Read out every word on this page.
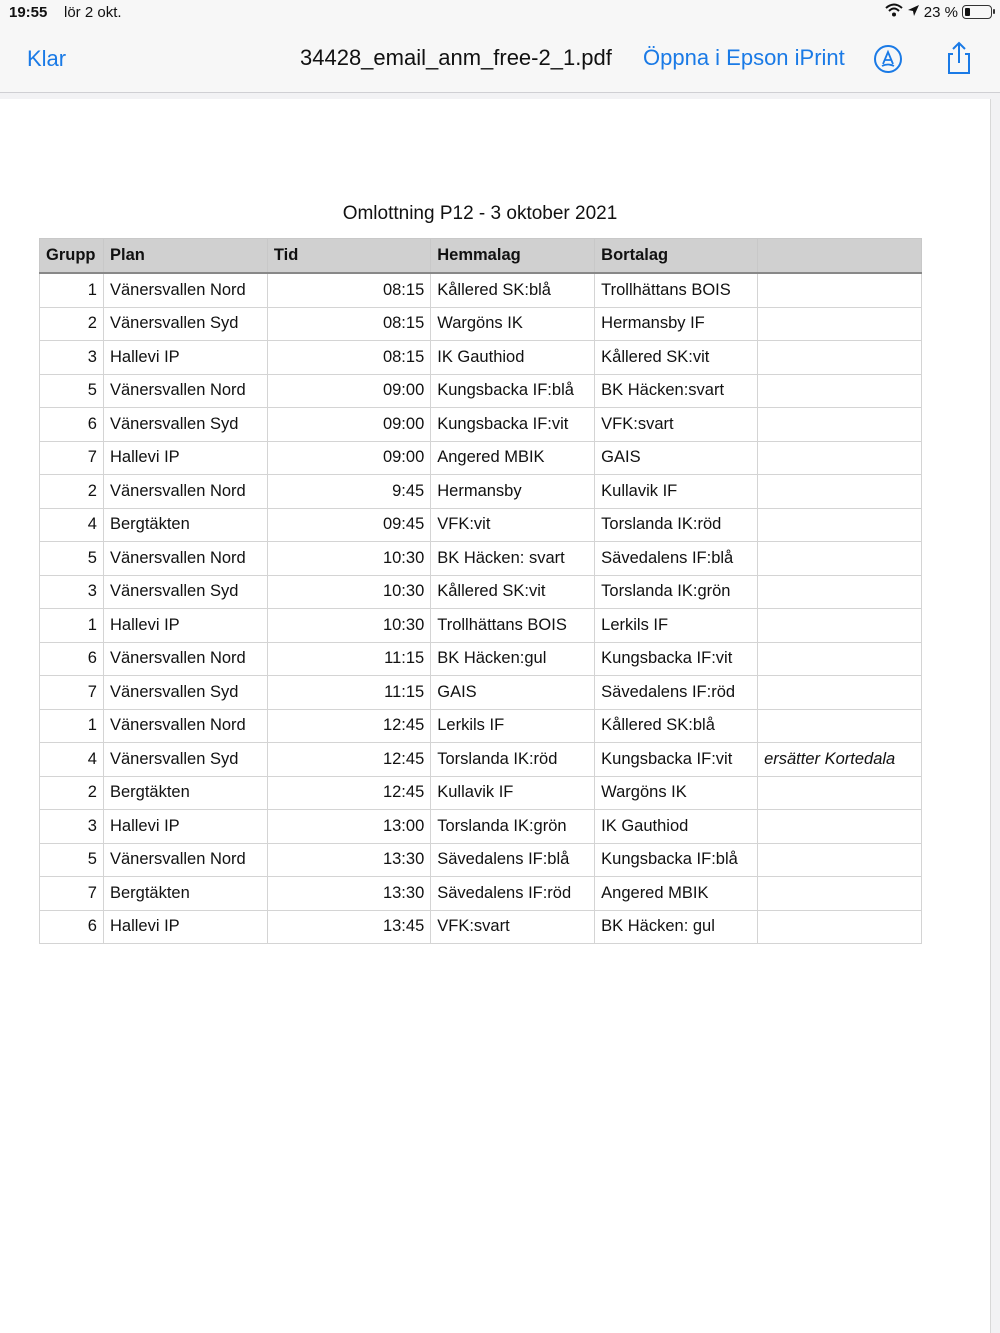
19:55 lör 2 okt.	23 %
Klar	34428_email_anm_free-2_1.pdf Öppna i Epson iPrint
Omlottning P12 - 3 oktober 2021
Grupp	Plan	Tid	Hemmalag	Bortalag	
1	Vänersvallen Nord	08:15	Kållered SK:blå	Trollhättans BOIS	
2	Vänersvallen Syd	08:15	Wargöns IK	Hermansby IF	
3	Hallevi IP	08:15	IK Gauthiod	Kållered SK:vit	
5	Vänersvallen Nord	09:00	Kungsbacka IF:blå	BK Häcken:svart	
6	Vänersvallen Syd	09:00	Kungsbacka IF:vit	VFK:svart	
7	Hallevi IP	09:00	Angered MBIK	GAIS	
2	Vänersvallen Nord	9:45	Hermansby	Kullavik IF	
4	Bergtäkten	09:45	VFK:vit	Torslanda IK:röd	
5	Vänersvallen Nord	10:30	BK Häcken: svart	Sävedalens IF:blå	
3	Vänersvallen Syd	10:30	Kållered SK:vit	Torslanda IK:grön	
1	Hallevi IP	10:30	Trollhättans BOIS	Lerkils IF	
6	Vänersvallen Nord	11:15	BK Häcken:gul	Kungsbacka IF:vit	
7	Vänersvallen Syd	11:15	GAIS	Sävedalens IF:röd	
1	Vänersvallen Nord	12:45	Lerkils IF	Kållered SK:blå	
4	Vänersvallen Syd	12:45	Torslanda IK:röd	Kungsbacka IF:vit	ersätter Kortedala
2	Bergtäkten	12:45	Kullavik IF	Wargöns IK	
3	Hallevi IP	13:00	Torslanda IK:grön	IK Gauthiod	
5	Vänersvallen Nord	13:30	Sävedalens IF:blå	Kungsbacka IF:blå	
7	Bergtäkten	13:30	Sävedalens IF:röd	Angered MBIK	
6	Hallevi IP	13:45	VFK:svart	BK Häcken: gul	
